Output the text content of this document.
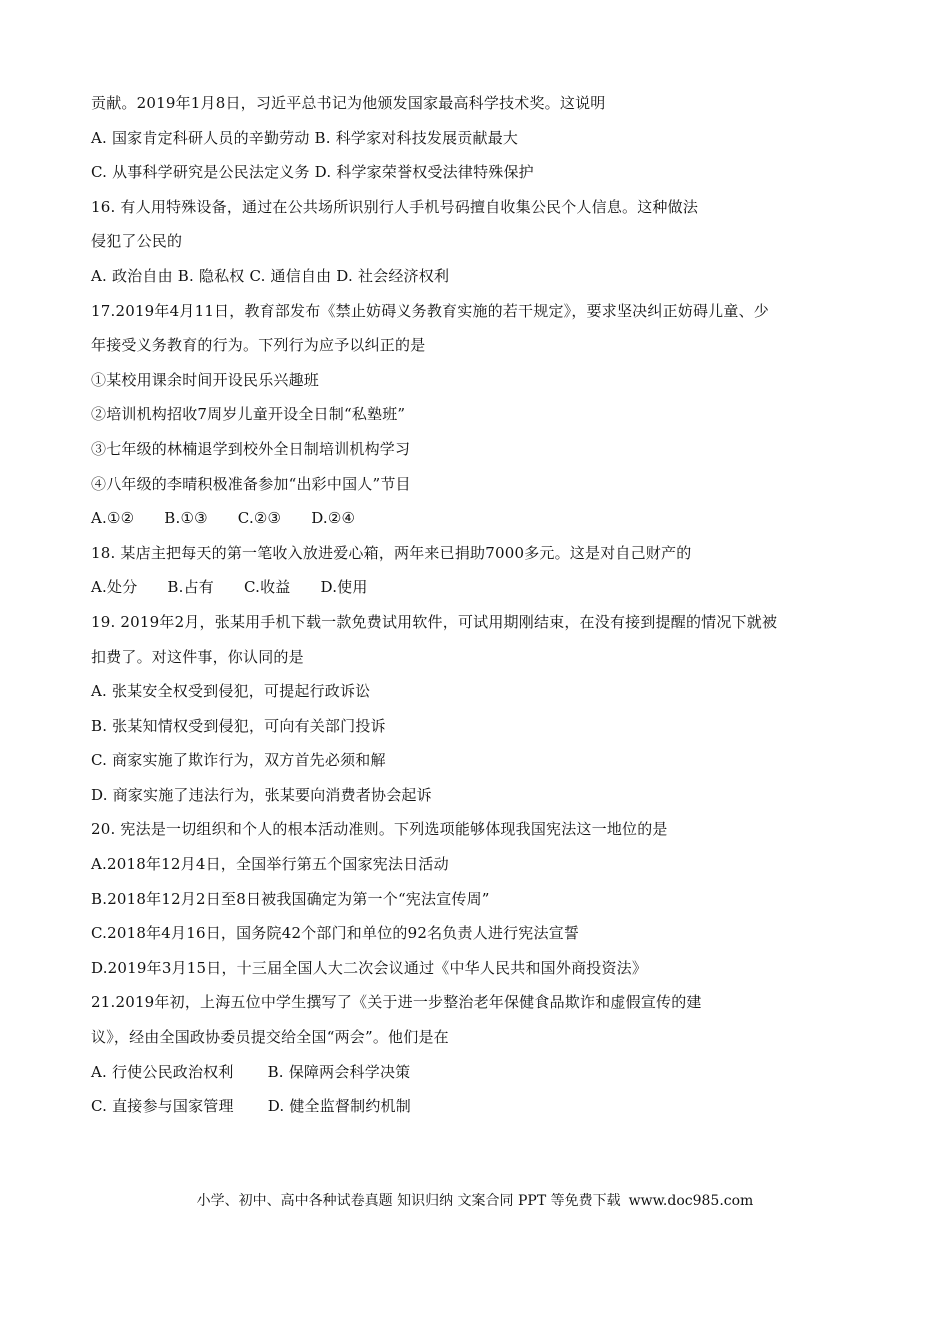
贡献。2019年1月8日，习近平总书记为他颁发国家最高科学技术奖。这说明
A. 国家肯定科研人员的辛勤劳动 B. 科学家对科技发展贡献最大
C. 从事科学研究是公民法定义务 D. 科学家荣誉权受法律特殊保护
16. 有人用特殊设备，通过在公共场所识别行人手机号码擅自收集公民个人信息。这种做法
侵犯了公民的
A. 政治自由 B. 隐私权 C. 通信自由 D. 社会经济权利
17.2019年4月11日，教育部发布《禁止妨碍义务教育实施的若干规定》，要求坚决纠正妨碍儿童、少
年接受义务教育的行为。下列行为应予以纠正的是
①某校用课余时间开设民乐兴趣班
②培训机构招收7周岁儿童开设全日制“私塾班”
③七年级的林楠退学到校外全日制培训机构学习
④八年级的李晴积极准备参加“出彩中国人”节目
A.①② B.①③ C.②③ D.②④
18. 某店主把每天的第一笔收入放进爱心箱，两年来已捐助7000多元。这是对自己财产的
A.处分 B.占有 C.收益 D.使用
19. 2019年2月，张某用手机下载一款免费试用软件，可试用期刚结束，在没有接到提醒的情况下就被
扣费了。对这件事，你认同的是
A. 张某安全权受到侵犯，可提起行政诉讼
B. 张某知情权受到侵犯，可向有关部门投诉
C. 商家实施了欺诈行为，双方首先必须和解
D. 商家实施了违法行为，张某要向消费者协会起诉
20. 宪法是一切组织和个人的根本活动准则。下列选项能够体现我国宪法这一地位的是
A.2018年12月4日，全国举行第五个国家宪法日活动
B.2018年12月2日至8日被我国确定为第一个“宪法宣传周”
C.2018年4月16日，国务院42个部门和单位的92名负责人进行宪法宣誓
D.2019年3月15日，十三届全国人大二次会议通过《中华人民共和国外商投资法》
21.2019年初，上海五位中学生撰写了《关于进一步整治老年保健食品欺诈和虚假宣传的建
议》，经由全国政协委员提交给全国“两会”。他们是在
A. 行使公民政治权利 B. 保障两会科学决策
C. 直接参与国家管理 D. 健全监督制约机制
小学、初中、高中各种试卷真题 知识归纳 文案合同 PPT 等免费下载 www.doc985.com
